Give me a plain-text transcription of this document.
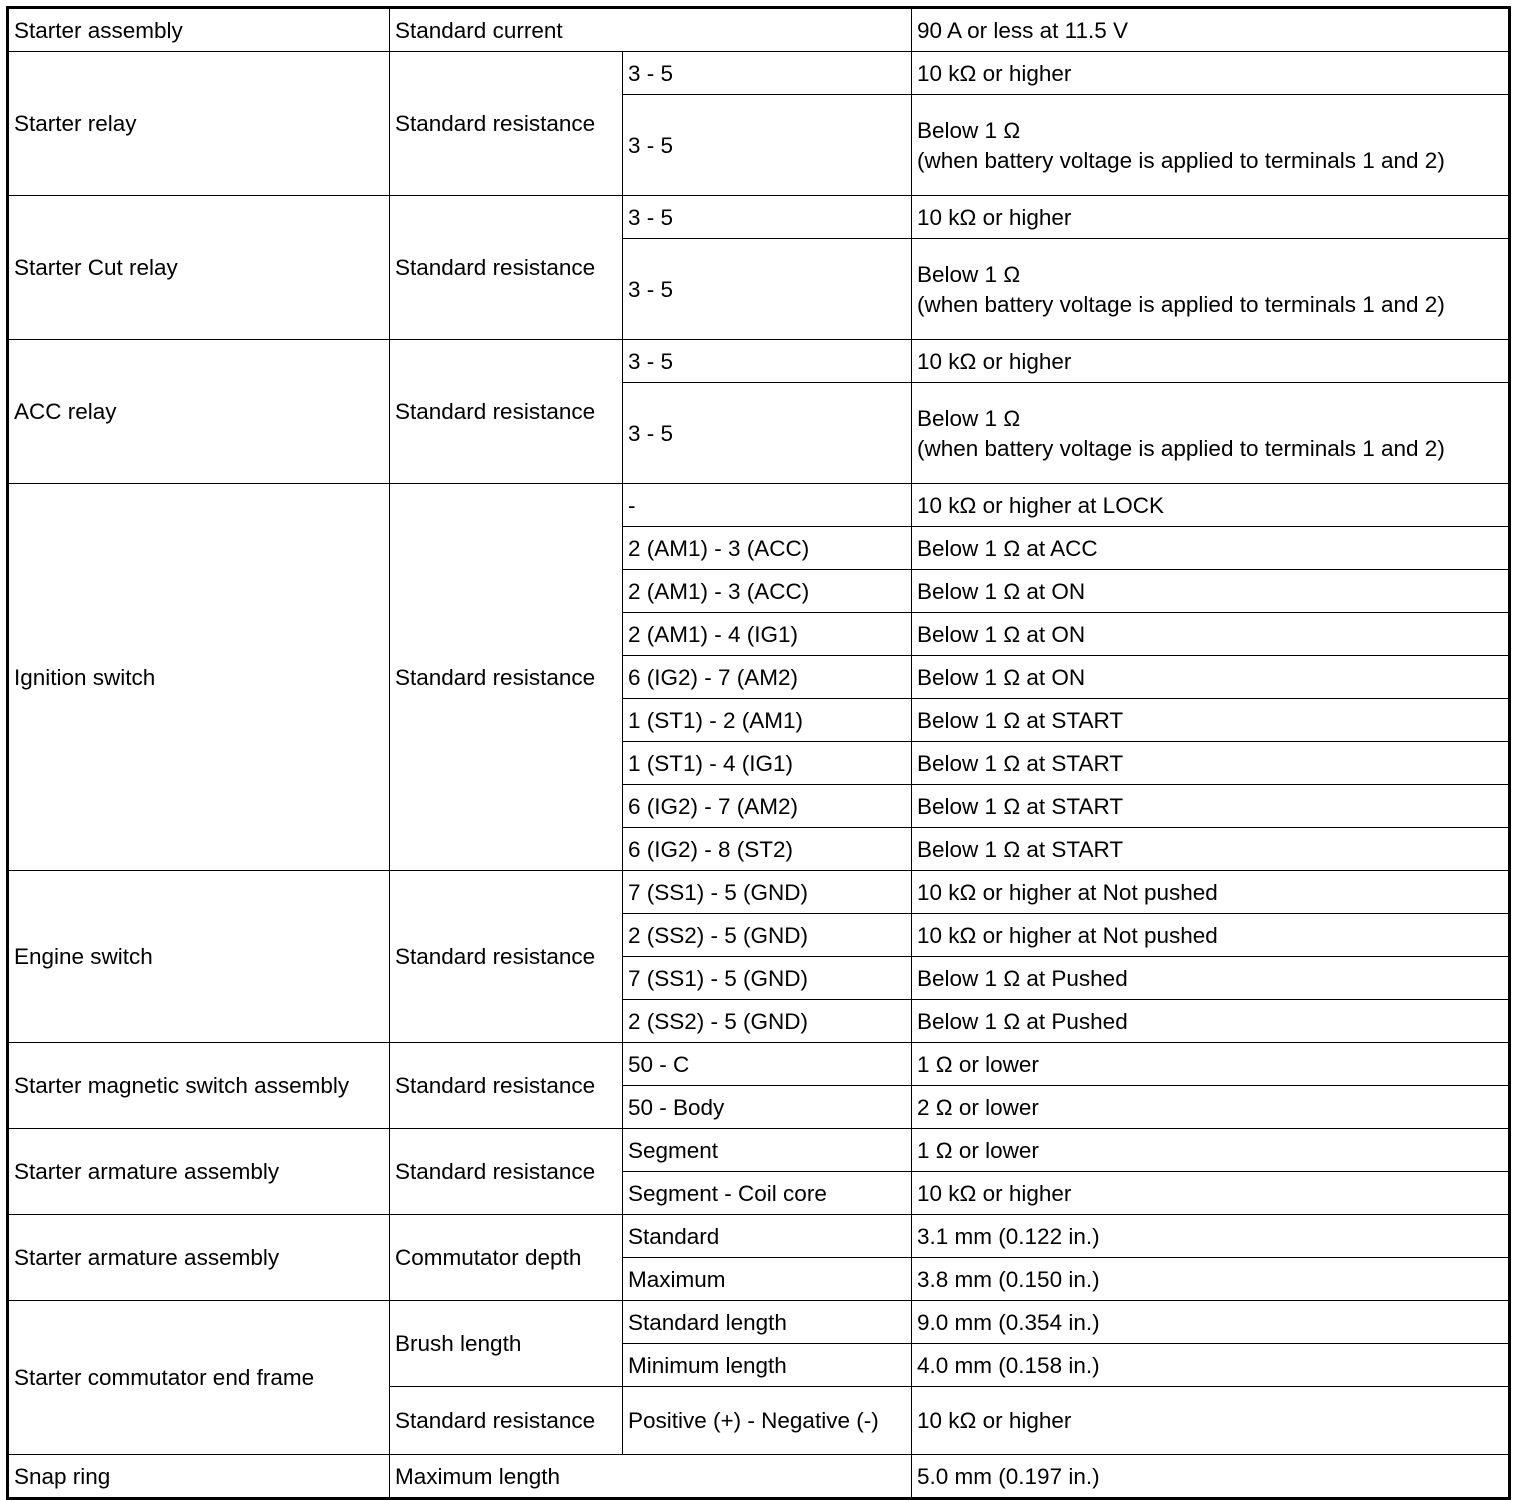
Starter assembly	Standard current		90 A or less at 11.5 V
Starter relay	Standard resistance	3 - 5	10 kΩ or higher
		3 - 5	Below 1 Ω
(when battery voltage is applied to terminals 1 and 2)
Starter Cut relay	Standard resistance	3 - 5	10 kΩ or higher
		3 - 5	Below 1 Ω
(when battery voltage is applied to terminals 1 and 2)
ACC relay	Standard resistance	3 - 5	10 kΩ or higher
		3 - 5	Below 1 Ω
(when battery voltage is applied to terminals 1 and 2)
Ignition switch	Standard resistance	-	10 kΩ or higher at LOCK
		2 (AM1) - 3 (ACC)	Below 1 Ω at ACC
		2 (AM1) - 3 (ACC)	Below 1 Ω at ON
		2 (AM1) - 4 (IG1)	Below 1 Ω at ON
		6 (IG2) - 7 (AM2)	Below 1 Ω at ON
		1 (ST1) - 2 (AM1)	Below 1 Ω at START
		1 (ST1) - 4 (IG1)	Below 1 Ω at START
		6 (IG2) - 7 (AM2)	Below 1 Ω at START
		6 (IG2) - 8 (ST2)	Below 1 Ω at START
Engine switch	Standard resistance	7 (SS1) - 5 (GND)	10 kΩ or higher at Not pushed
		2 (SS2) - 5 (GND)	10 kΩ or higher at Not pushed
		7 (SS1) - 5 (GND)	Below 1 Ω at Pushed
		2 (SS2) - 5 (GND)	Below 1 Ω at Pushed
Starter magnetic switch assembly	Standard resistance	50 - C	1 Ω or lower
		50 - Body	2 Ω or lower
Starter armature assembly	Standard resistance	Segment	1 Ω or lower
		Segment - Coil core	10 kΩ or higher
Starter armature assembly	Commutator depth	Standard	3.1 mm (0.122 in.)
		Maximum	3.8 mm (0.150 in.)
Starter commutator end frame	Brush length	Standard length	9.0 mm (0.354 in.)
		Minimum length	4.0 mm (0.158 in.)
	Standard resistance	Positive (+) - Negative (-)	10 kΩ or higher
Snap ring	Maximum length		5.0 mm (0.197 in.)
